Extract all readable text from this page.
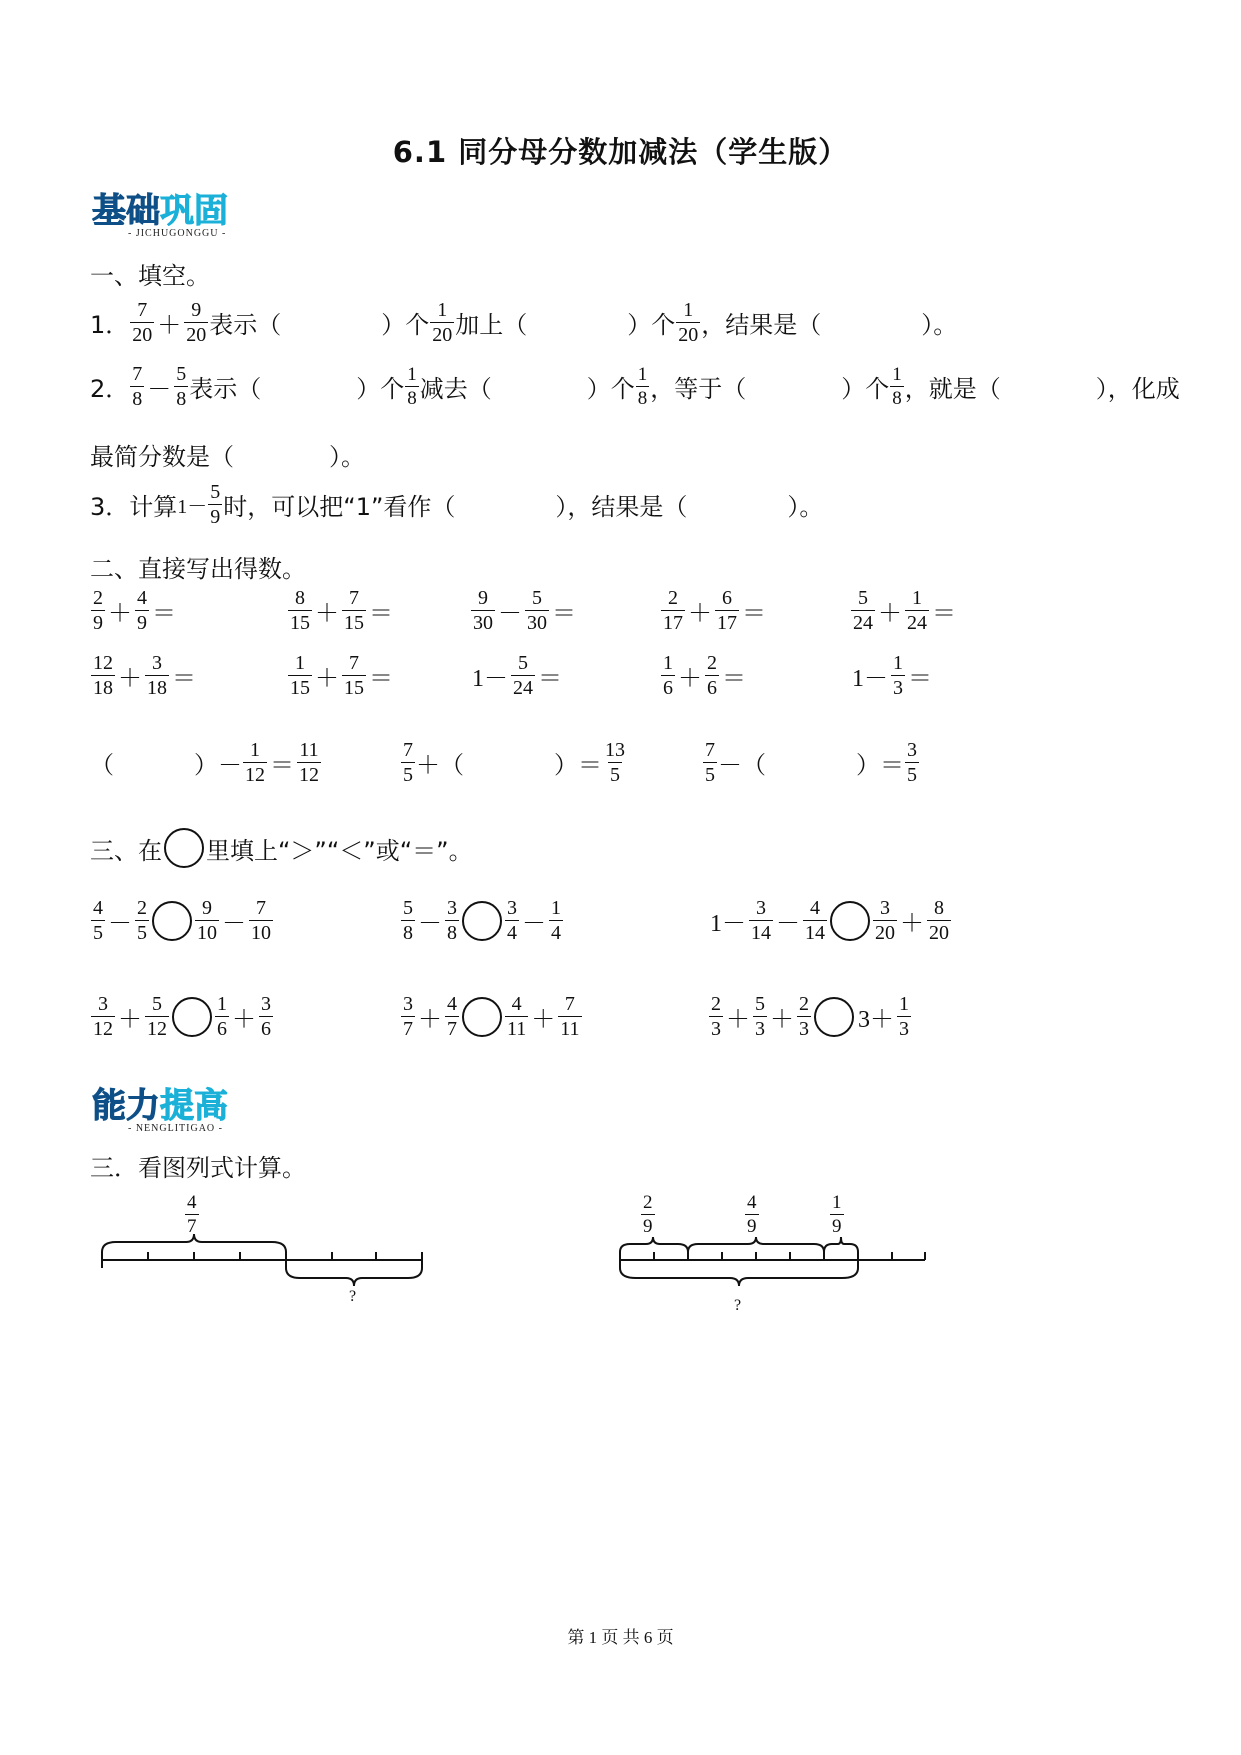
6.1 同分母分数加减法（学生版）
基础巩固
- JICHUGONGGU -
一、填空。
1． $\frac{7}{20} + \frac{9}{20}$ 表示（	）个 $\frac{1}{20}$ 加上（	）个 $\frac{1}{20}$ ，结果是（	）。
2． $\frac{7}{8} - \frac{5}{8}$ 表示（	）个 $\frac{1}{8}$ 减去（	）个 $\frac{1}{8}$ ，等于（	）个 $\frac{1}{8}$ ，就是（	），化成
最简分数是（	）。
3．计算 $1- \frac{5}{9}$ 时，可以把“1”看作（	），结果是（	）。
二、直接写出得数。
$\frac{2}{9} + \frac{4}{9}$ ＝	$\frac{8}{15} + \frac{7}{15}$ ＝	$\frac{9}{30} - \frac{5}{30}$ ＝	$\frac{2}{17} + \frac{6}{17}$ ＝	$\frac{5}{24} + \frac{1}{24}$ ＝
$\frac{12}{18} + \frac{3}{18}$ ＝	$\frac{1}{15} + \frac{7}{15}$ ＝	$1- \frac{5}{24}$ ＝	$\frac{1}{6} + \frac{2}{6}$ ＝	$1- \frac{1}{3}$ ＝
（	）－ $\frac{1}{12} = \frac{11}{12}$	$\frac{7}{5}$ ＋（	）＝ $\frac{13}{5}$	$\frac{7}{5}$ －（	）＝ $\frac{3}{5}$
三、在 里填上“＞”“＜”或“＝”。
$\frac{4}{5} - \frac{2}{5} \frac{9}{10} - \frac{7}{10}$	$\frac{5}{8} - \frac{3}{8} \frac{3}{4} - \frac{1}{4}$	$1- \frac{3}{14} - \frac{4}{14} \frac{3}{20} + \frac{8}{20}$
$\frac{3}{12} + \frac{5}{12} \frac{1}{6} + \frac{3}{6}$	$\frac{3}{7} + \frac{4}{7} \frac{4}{11} + \frac{7}{11}$	$\frac{2}{3} + \frac{5}{3} + \frac{2}{3} 3+ \frac{1}{3}$
能力提高
- NENGLITIGAO -
三．看图列式计算。
$\frac{4}{7}$
?
$\frac{2}{9}$	$\frac{4}{9}$	$\frac{1}{9}$
?
第 1 页 共 6 页
